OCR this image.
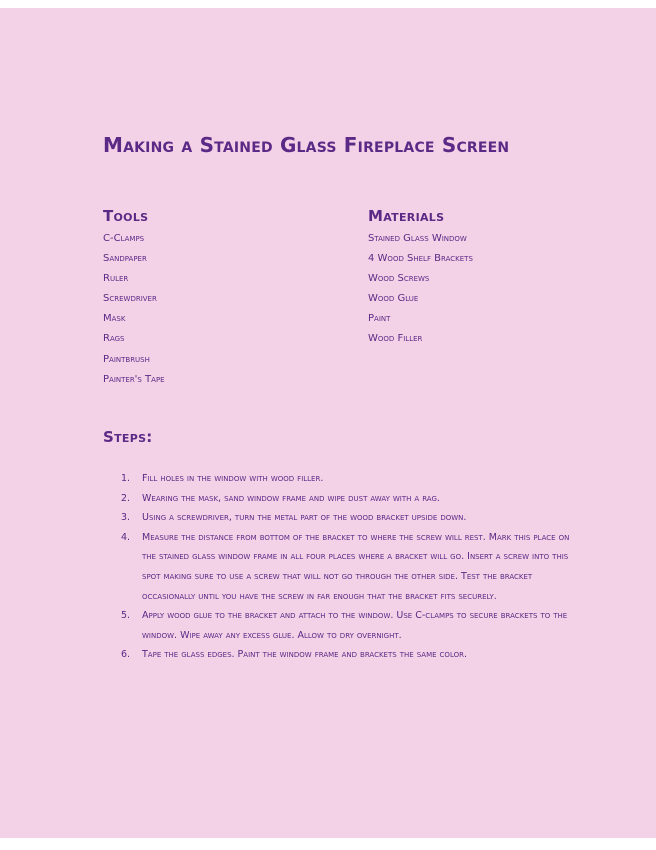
Making a Stained Glass Fireplace Screen
Tools
C-Clamps
Sandpaper
Ruler
Screwdriver
Mask
Rags
Paintbrush
Painter's Tape
Materials
Stained Glass Window
4 Wood Shelf Brackets
Wood Screws
Wood Glue
Paint
Wood Filler
Steps:
1.	Fill holes in the window with wood filler.
2.	Wearing the mask, sand window frame and wipe dust away with a rag.
3.	Using a screwdriver, turn the metal part of the wood bracket upside down.
4.	Measure the distance from bottom of the bracket to where the screw will rest. Mark this place on the stained glass window frame in all four places where a bracket will go. Insert a screw into this spot making sure to use a screw that will not go through the other side. Test the bracket occasionally until you have the screw in far enough that the bracket fits securely.
5.	Apply wood glue to the bracket and attach to the window. Use C-clamps to secure brackets to the window. Wipe away any excess glue. Allow to dry overnight.
6.	Tape the glass edges. Paint the window frame and brackets the same color.
